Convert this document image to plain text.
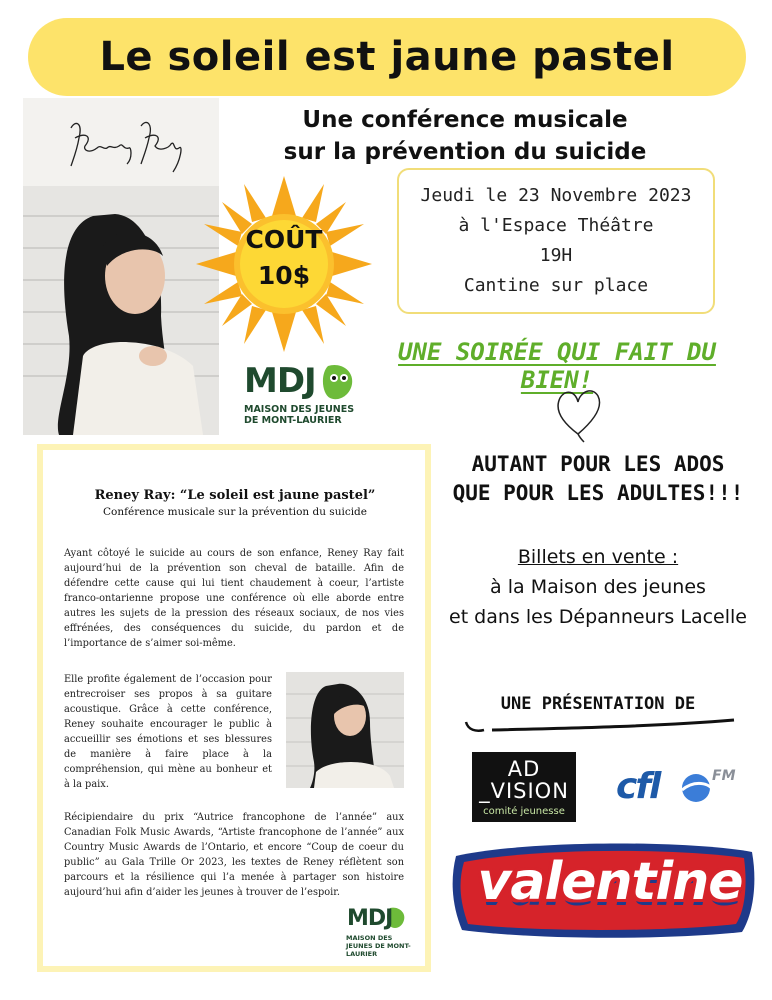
Le soleil est jaune pastel
Une conférence musicale
sur la prévention du suicide
COÛT
10$
Jeudi le 23 Novembre 2023
à l'Espace Théâtre
19H
Cantine sur place
MDJ
MAISON DES JEUNES
DE MONT-LAURIER
UNE SOIRÉE QUI FAIT DU BIEN!
AUTANT POUR LES ADOS
QUE POUR LES ADULTES!!!
Billets en vente :
à la Maison des jeunes
et dans les Dépanneurs Lacelle
UNE PRÉSENTATION DE
AD
_VISION
comité jeunesse
cfl	FM
valentine
Reney Ray: “Le soleil est jaune pastel”
Conférence musicale sur la prévention du suicide
Ayant côtoyé le suicide au cours de son enfance, Reney Ray fait aujourd’hui de la prévention son cheval de bataille. Afin de défendre cette cause qui lui tient chaudement à coeur, l’artiste franco-ontarienne propose une conférence où elle aborde entre autres les sujets de la pression des réseaux sociaux, de nos vies effrénées, des conséquences du suicide, du pardon et de l’importance de s’aimer soi-même.
Elle profite également de l’occasion pour entrecroiser ses propos à sa guitare acoustique. Grâce à cette conférence, Reney souhaite encourager le public à accueillir ses émotions et ses blessures de manière à faire place à la compréhension, qui mène au bonheur et à la paix.
Récipiendaire du prix “Autrice francophone de l’année” aux Canadian Folk Music Awards, “Artiste francophone de l’année” aux Country Music Awards de l’Ontario, et encore “Coup de coeur du public” au Gala Trille Or 2023, les textes de Reney réflètent son parcours et la résilience qui l’a menée à partager son histoire aujourd’hui afin d’aider les jeunes à trouver de l’espoir.
MDJ
MAISON DES JEUNES DE MONT-LAURIER
